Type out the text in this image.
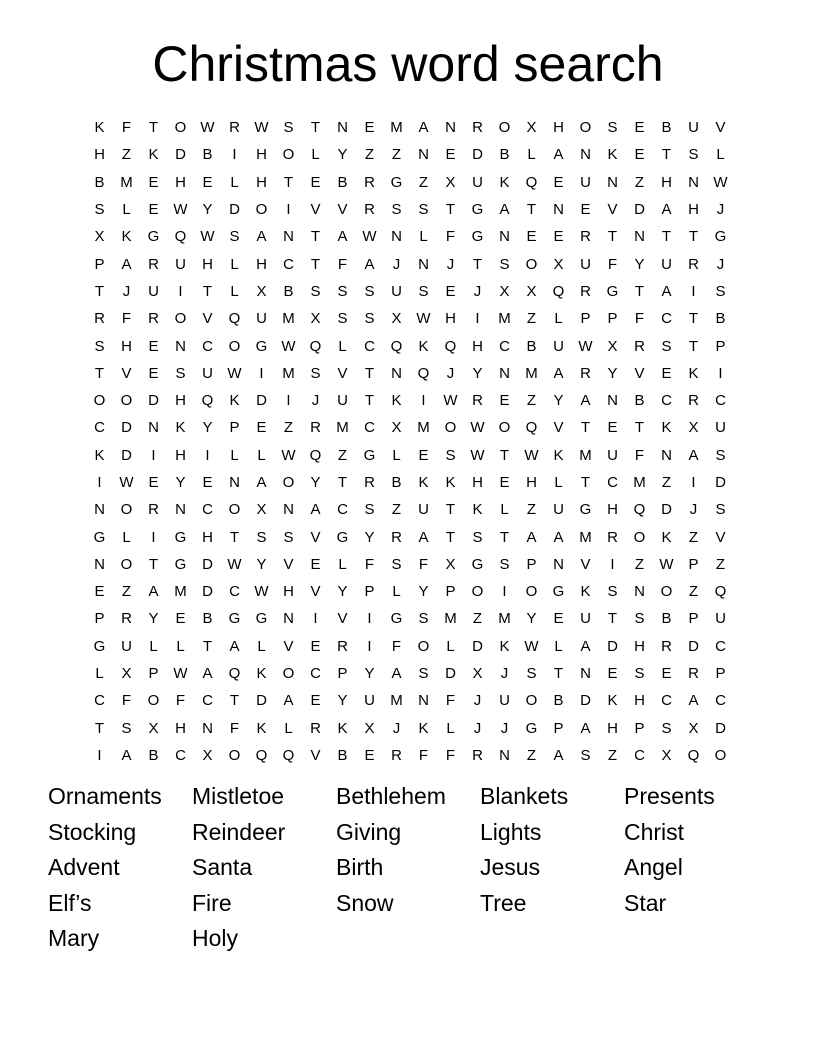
Christmas word search
K	F	T	O W R W S	T	N	E	M	A	N	R	O	X	H	O	S	E	B	U	V
H	Z	K	D	B	I	H	O	L	Y	Z	Z	N	E	D	B	L	A	N	K	E	T	S	L
B	M	E	H	E	L	H	T	E	B	R	G	Z	X	U	K	Q	E	U	N	Z	H	N W
S	L	E W Y	D	O	I	V	V	R	S	S	T	G	A	T	N	E	V	D	A	H	J
X	K	G	Q W S	A	N	T	A W N	L	F	G	N	E	E	R	T	N	T	T	G
P	A	R	U	H	L	H	C	T	F	A	J	N	J	T	S	O	X	U	F	Y	U	R	J
T	J	U	I	T	L	X	B	S	S	S	U	S	E	J	X	X	Q	R	G	T	A	I	S
R	F	R	O	V	Q	U	M	X	S	S	X W H	I	M	Z	L	P	P	F	C	T	B
S	H	E	N	C	O	G W Q	L	C	Q	K	Q	H	C	B	U W X	R	S	T	P
T	V	E	S	U W	I	M	S	V	T	N	Q	J	Y	N	M	A	R	Y	V	E	K	I
O	O	D	H	Q	K	D	I	J	U	T	K	I	W R	E	Z	Y	A	N	B	C	R	C
C	D	N	K	Y	P	E	Z	R	M	C	X	M O W O	Q	V	T	E	T	K	X	U
K	D	I	H	I	L	L	W Q	Z	G	L	E	S W	T	W K	M	U	F	N	A	S
I	W E	Y	E	N	A	O	Y	T	R	B	K	K	H	E	H	L	T	C	M	Z	I	D
N	O	R	N	C	O	X	N	A	C	S	Z	U	T	K	L	Z	U	G	H	Q	D	J	S
G	L	I	G	H	T	S	S	V	G	Y	R	A	T	S	T	A	A	M	R	O	K	Z	V
N	O	T	G	D W Y	V	E	L	F	S	F	X	G	S	P	N	V	I	Z	W P	Z
E	Z	A	M	D	C W H	V	Y	P	L	Y	P	O	I	O	G	K	S	N	O	Z	Q
P	R	Y	E	B	G	G	N	I	V	I	G	S	M	Z	M	Y	E	U	T	S	B	P	U
G	U	L	L	T	A	L	V	E	R	I	F	O	L	D	K W	L	A	D	H	R	D	C
L	X	P W A	Q	K	O	C	P	Y	A	S	D	X	J	S	T	N	E	S	E	R	P
C	F	O	F	C	T	D	A	E	Y	U	M	N	F	J	U	O	B	D	K	H	C	A	C
T	S	X	H	N	F	K	L	R	K	X	J	K	L	J	J	G	P	A	H	P	S	X	D
I	A	B	C	X	O	Q	Q	V	B	E	R	F	F	R	N	Z	A	S	Z	C	X	Q	O
Ornaments	Mistletoe	Bethlehem	Blankets	Presents
Stocking	Reindeer	Giving	Lights	Christ
Advent	Santa	Birth	Jesus	Angel
Elf’s	Fire	Snow	Tree	Star
Mary	Holy
